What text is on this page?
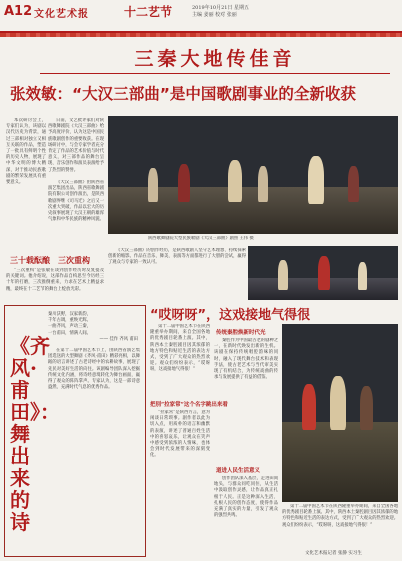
A12 文化艺术报	十二艺节	2019年10月21日 星期五
主编 姜丽 校对 张丽
三秦大地传佳音
张效敏：“大汉三部曲”是中国歌剧事业的全新收获

日前，文艺批评家们对陕西歌舞剧院《大汉三部曲》给予高度评价，认为这是中国民族歌剧创作的重要收获。在现场研讨中，与会专家学者充分肯定了作品的艺术价值与时代意义，对三部作品的舞台呈现、音乐创作和演员表演给予了热烈的赞誉。

《大汉三部曲》由陕西省演艺集团出品，陕西省歌舞剧院有限公司创作演出，是陕西歌剧界继《司马迁》之后又一次重大突破，作品以宏大的历史叙事展现了大汉王朝的雄浑气象和中华民族的精神风貌。

本次研讨会上，专家们认为，该剧以汉代历史为背景，通过三部相对独立又相互关联的作品，塑造了一批具有鲜明个性的历史人物，展现了中华文明的博大精深，对于推动民族歌剧的繁荣发展具有重要意义。

陕西歌舞剧院大型民族歌剧《大汉三部曲》剧照 王伟 摄
三十载酝酿　三次重构

“三次重构”是张敏在谈到创作经历时反复提及的关键词。他介绍说，这部作品自构思至今历经三十年的打磨，三次推倒重来，力求在艺术上精益求精，最终在十二艺节的舞台上绽放光彩。

《大汉三部曲》的创作经历，是陕西歌剧人坚守艺术理想、持续探索创新的缩影。作品在音乐、舞美、表演等方面都进行了大胆的尝试，赢得了观众与专家的一致认可。

《齐风·甫田》：舞出来的诗
秦川沃野，汉家新韵，
千年古调，重焕光辉。
一曲齐风，声动三秦，
一台甫田，情满人间。
—— 佳作 齐风 甫田

在第十二届中国艺术节上，由陕西省演艺集团选送的大型舞剧《齐风·甫田》精彩亮相，以舞蹈的语言讲述了古老诗经中的农耕故事，展现了先民对美好生活的向往。该剧编导团队深入挖掘传统文化内涵，将诗经意境转化为舞台画面，赢得了观众的阵阵掌声。专家认为，这是一部诗意盎然、充满时代气息的优秀作品。

“哎呀呀”，这戏接地气得很

第十二届中国艺术节在陕西隆重举办期间，来自全国各地的优秀剧目轮番上演。其中，陕西本土秦腔剧目因其浓郁的地方特色和贴近生活的表达方式，受到了广大观众的热烈欢迎。观众们纷纷表示，“哎呀呀，这戏接地气得很！”

把别“拉家常”这个名字跳出来看

“拉家常”是陕西方言，意为闲谈日常琐事。剧作者以此为切入点，用质朴的语言和幽默的表演，讲述了普通百姓生活中的喜怒哀乐，让观众在笑声中感受到浓浓的人情味，也体会到时代发展带来的深刻变化。

传统秦腔焕新时代光

秦腔作为中国最古老的剧种之一，在新时代焕发出新的生机。该剧在保持传统唱腔韵味的同时，融入了现代舞台技术和表现手法，使古老艺术与当代审美实现了有机结合，为传统戏曲的传承与发展提供了有益的借鉴。

道进人民生活意义

创作团队深入基层，走进田间地头，与群众同吃同住，从生活中汲取创作灵感，让作品真正扎根于人民。正是这种深入生活、扎根人民的创作态度，使得作品充满了真实的力量，引发了观众的强烈共鸣。

第十二届中国艺术节在陕西隆重举办期间，来自全国各地的优秀剧目轮番上演。其中，陕西本土秦腔剧目因其浓郁的地方特色和贴近生活的表达方式，受到了广大观众的热烈欢迎。观众们纷纷表示，“哎呀呀，这戏接地气得很！”

文化艺术报记者 张静 实习生
